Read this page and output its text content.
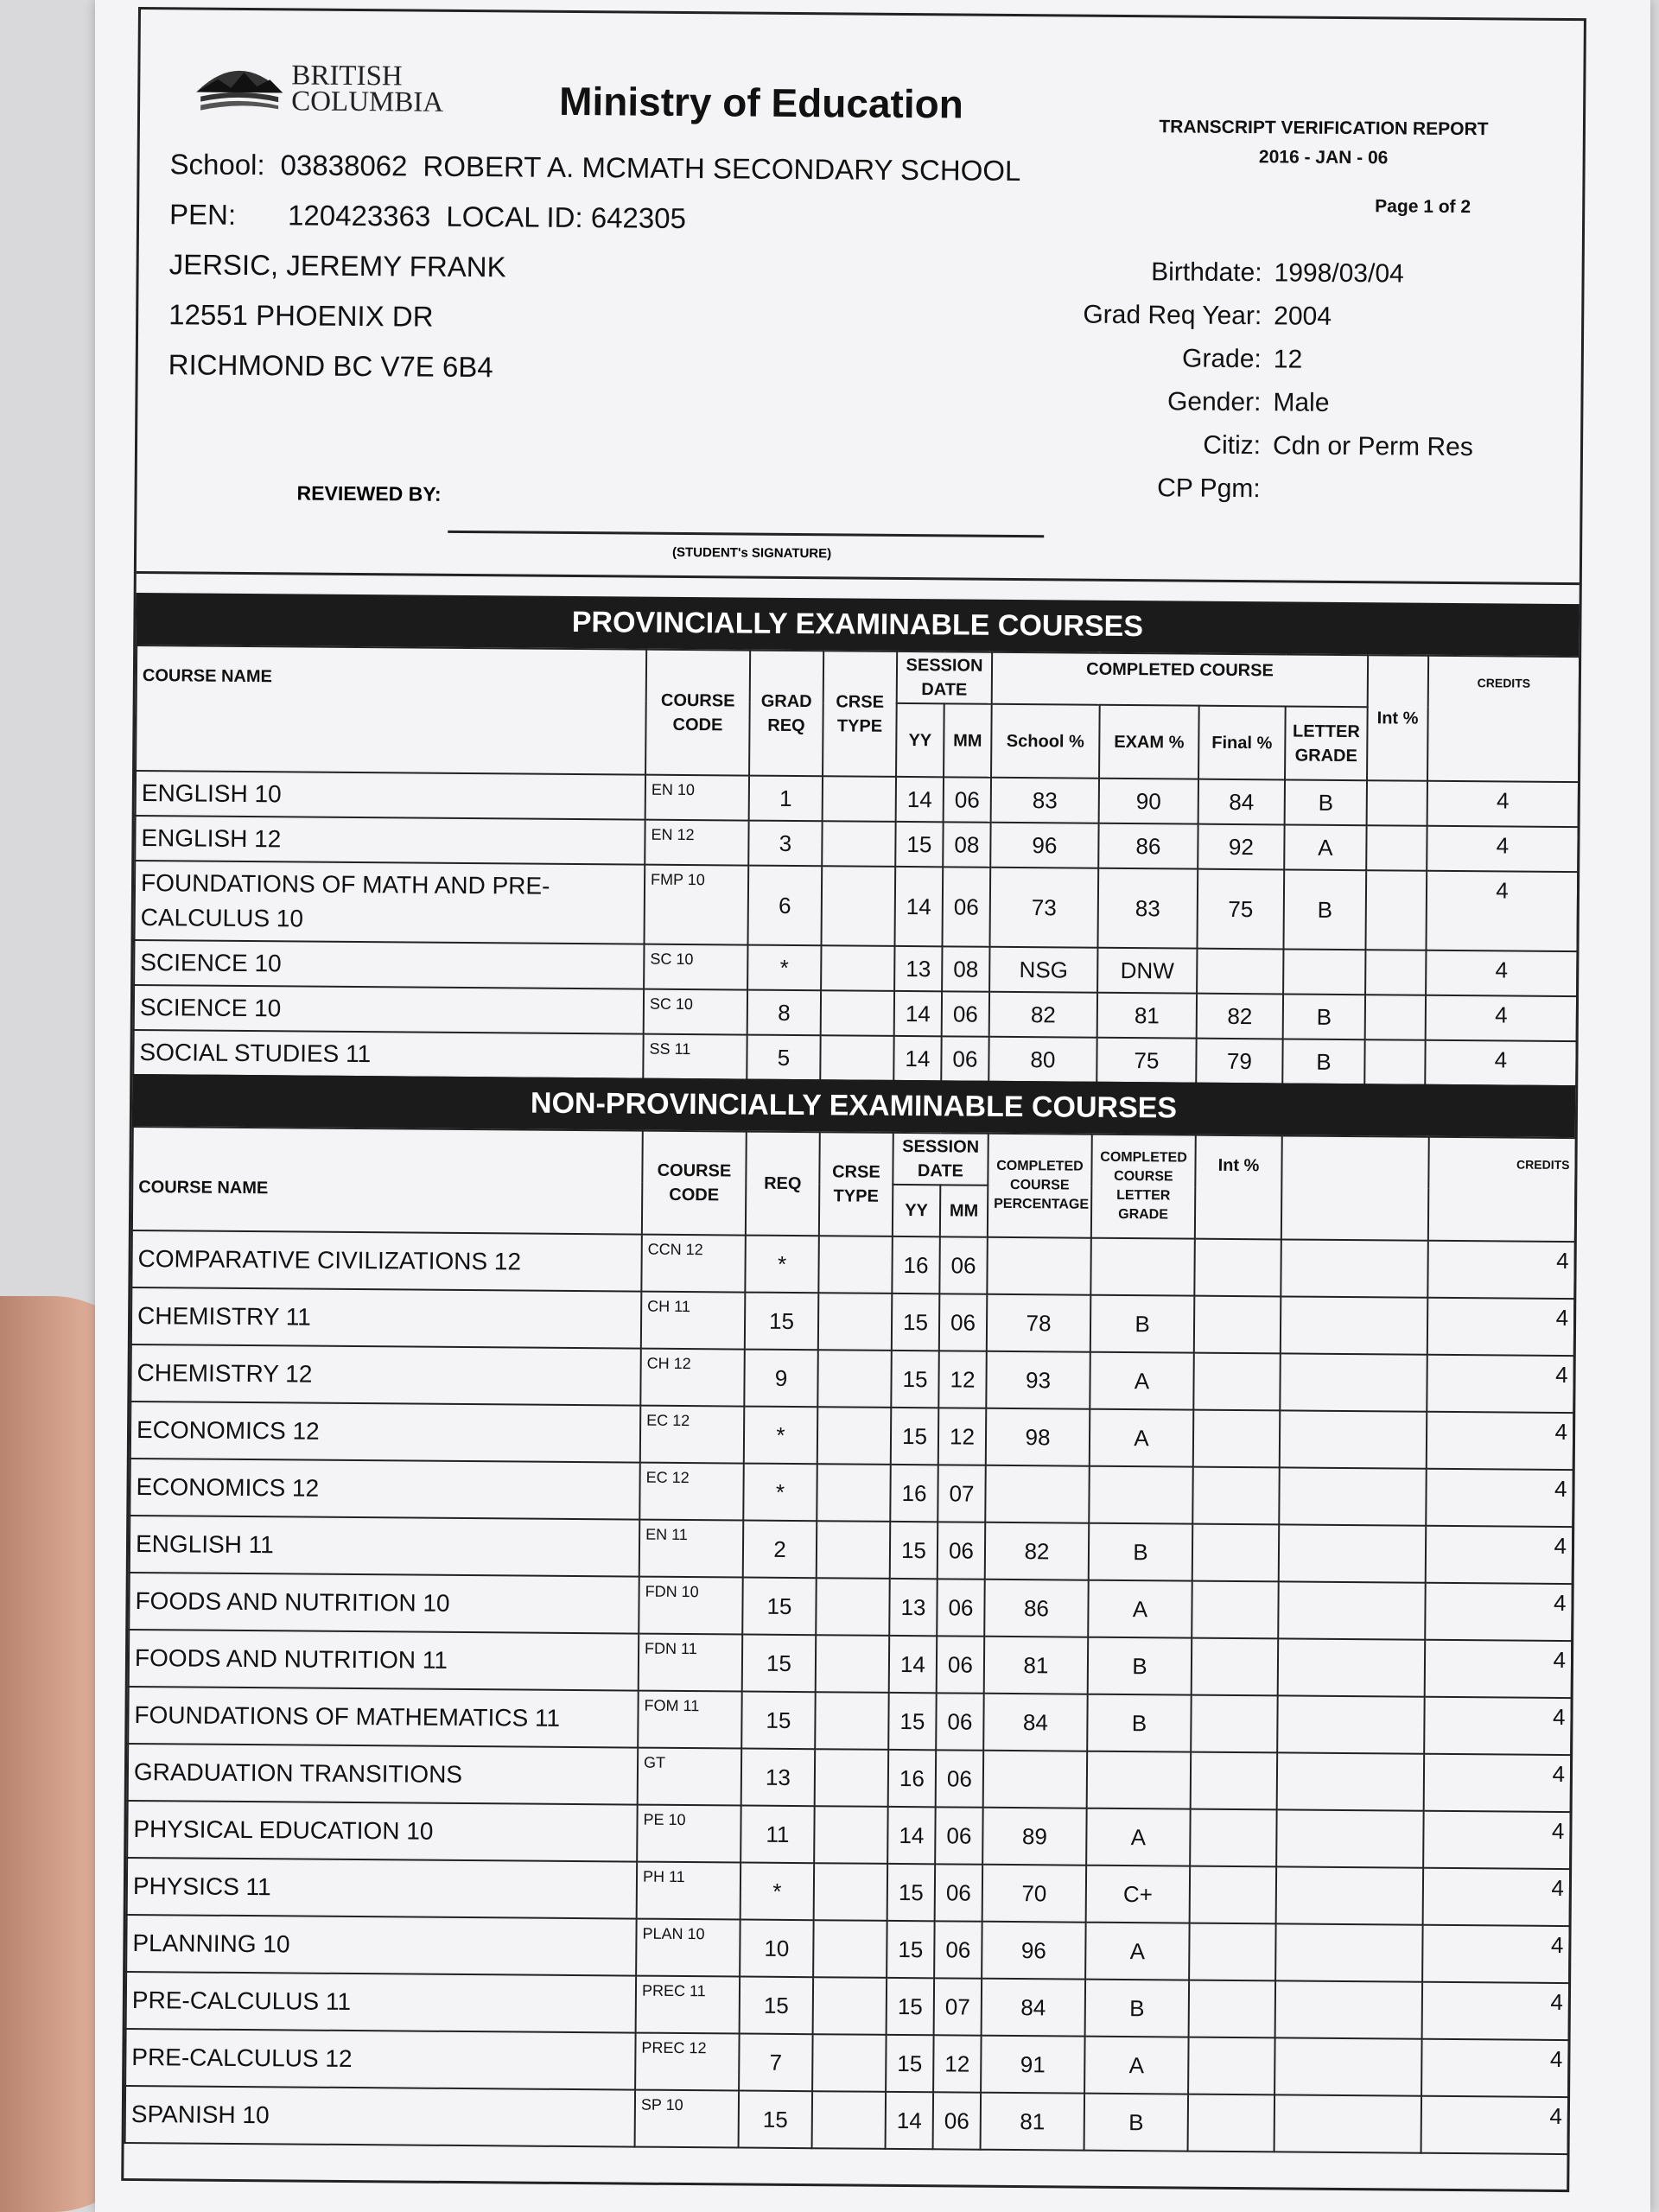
BRITISH
COLUMBIA	Ministry of Education
TRANSCRIPT VERIFICATION REPORT
2016 - JAN - 06
Page 1 of 2
School: 03838062 ROBERT A. MCMATH SECONDARY SCHOOL
PEN: 120423363 LOCAL ID: 642305
JERSIC, JEREMY FRANK
12551 PHOENIX DR
RICHMOND BC V7E 6B4
Birthdate: 1998/03/04
Grad Req Year: 2004
Grade: 12
Gender: Male
Citiz: Cdn or Perm Res
CP Pgm:
REVIEWED BY:
(STUDENT's SIGNATURE)
PROVINCIALLY EXAMINABLE COURSES
COURSE NAME	COURSE CODE	GRAD REQ	CRSE TYPE	SESSION DATE		COMPLETED COURSE				Int %	CREDITS
				YY	MM	School %	EXAM %	Final %	LETTER GRADE		
ENGLISH 10	EN 10	1		14	06	83	90	84	B		4
ENGLISH 12	EN 12	3		15	08	96	86	92	A		4
FOUNDATIONS OF MATH AND PRE-CALCULUS 10	FMP 10	6		14	06	73	83	75	B		4
SCIENCE 10	SC 10	*		13	08	NSG	DNW				4
SCIENCE 10	SC 10	8		14	06	82	81	82	B		4
SOCIAL STUDIES 11	SS 11	5		14	06	80	75	79	B		4
NON-PROVINCIALLY EXAMINABLE COURSES
COURSE NAME	COURSE CODE	REQ	CRSE TYPE	SESSION DATE		COMPLETED COURSE PERCENTAGE	COMPLETED COURSE LETTER GRADE	Int %		CREDITS
				YY	MM					
COMPARATIVE CIVILIZATIONS 12	CCN 12	*		16	06					4
CHEMISTRY 11	CH 11	15		15	06	78	B			4
CHEMISTRY 12	CH 12	9		15	12	93	A			4
ECONOMICS 12	EC 12	*		15	12	98	A			4
ECONOMICS 12	EC 12	*		16	07					4
ENGLISH 11	EN 11	2		15	06	82	B			4
FOODS AND NUTRITION 10	FDN 10	15		13	06	86	A			4
FOODS AND NUTRITION 11	FDN 11	15		14	06	81	B			4
FOUNDATIONS OF MATHEMATICS 11	FOM 11	15		15	06	84	B			4
GRADUATION TRANSITIONS	GT	13		16	06					4
PHYSICAL EDUCATION 10	PE 10	11		14	06	89	A			4
PHYSICS 11	PH 11	*		15	06	70	C+			4
PLANNING 10	PLAN 10	10		15	06	96	A			4
PRE-CALCULUS 11	PREC 11	15		15	07	84	B			4
PRE-CALCULUS 12	PREC 12	7		15	12	91	A			4
SPANISH 10	SP 10	15		14	06	81	B			4
